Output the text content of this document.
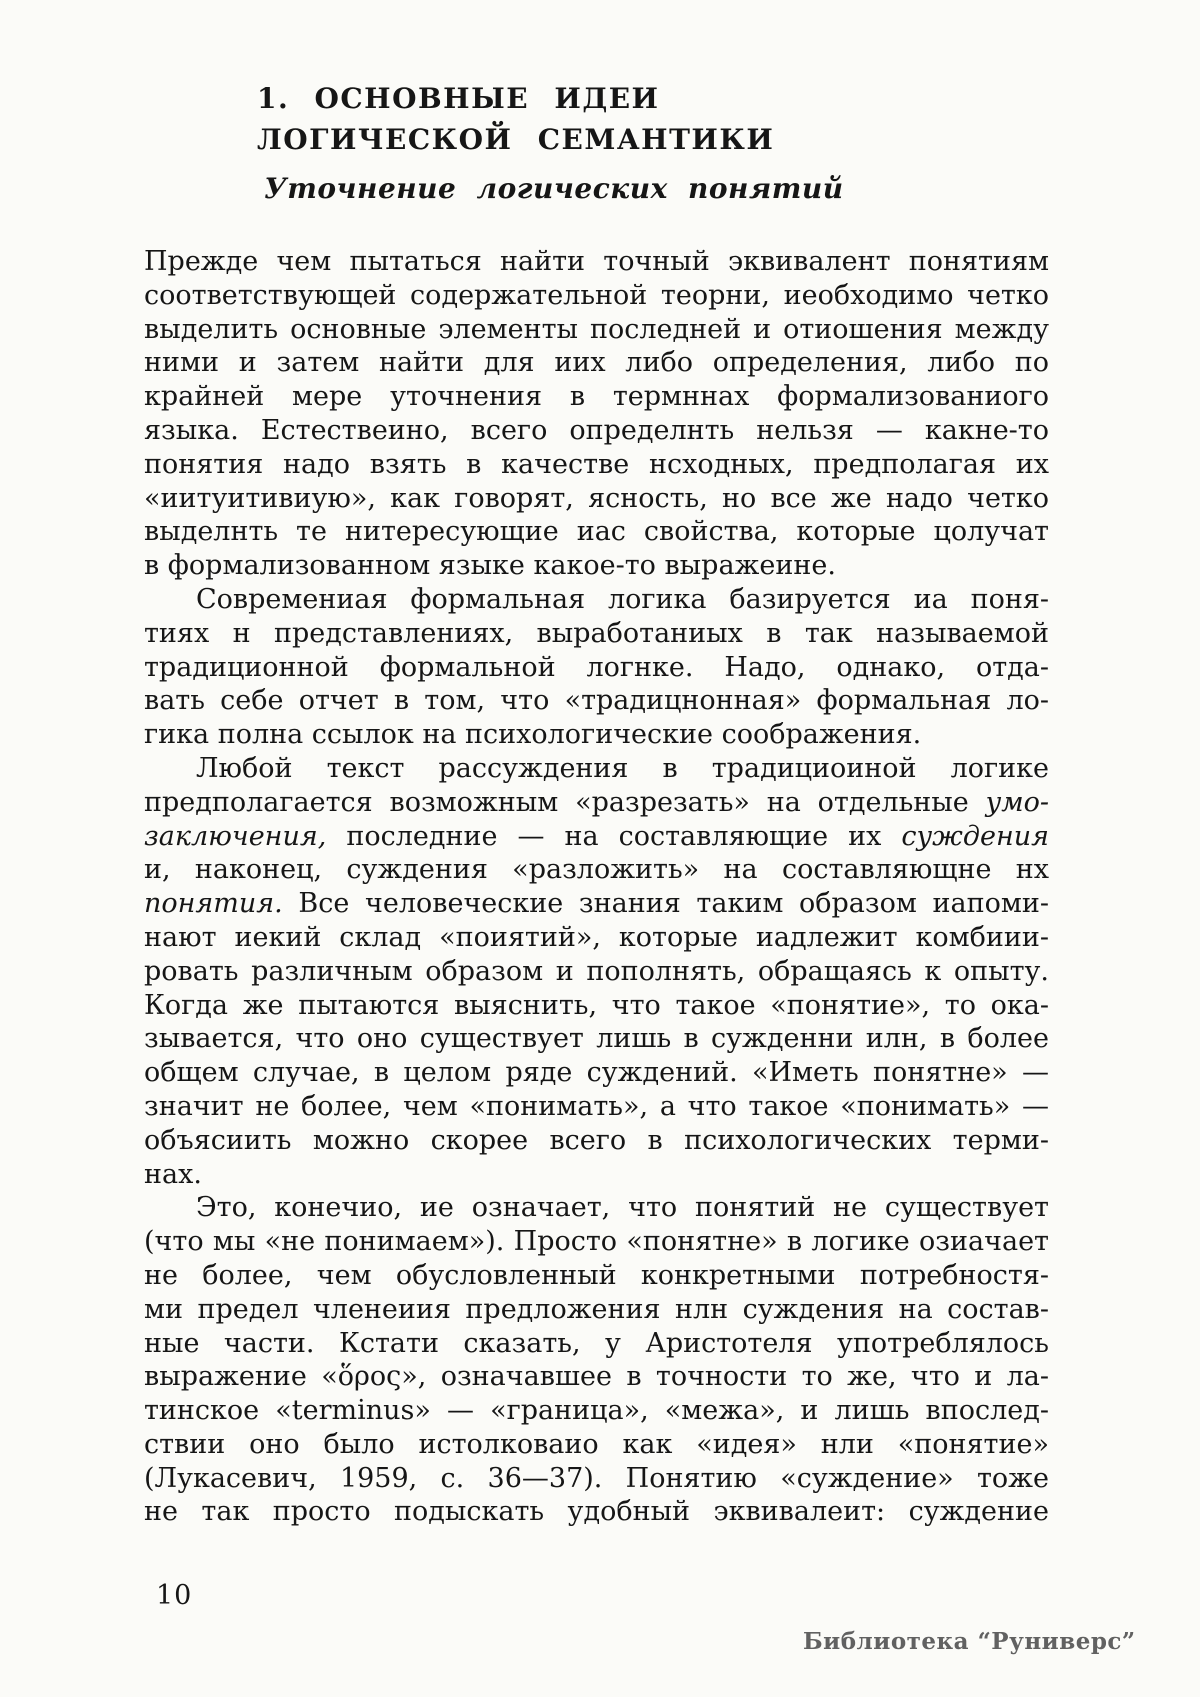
1. ОСНОВНЫЕ ИДЕИ
ЛОГИЧЕСКОЙ СЕМАНТИКИ
Уточнение логических понятий
Прежде чем пытаться найти точный эквивалент понятиям
соответствующей содержательной теорни, иеобходимо четко
выделить основные элементы последней и отиошения между
ними и затем найти для иих либо определения, либо по
крайней мере уточнения в термннах формализованиого
языка. Естествеино, всего определнть нельзя — какне-то
понятия надо взять в качестве нсходных, предполагая их
«иитуитивиую», как говорят, ясность, но все же надо четко
выделнть те нитересующие иас свойства, которые цолучат
в формализованном языке какое-то выражеине.
Современиая формальная логика базируется иа поня-
тиях н представлениях, выработаниых в так называемой
традиционной формальной логнке. Надо, однако, отда-
вать себе отчет в том, что «традицнонная» формальная ло-
гика полна ссылок на психологические соображения.
Любой текст рассуждения в традициоиной логике
предполагается возможным «разрезать» на отдельные умо-
заключения, последние — на составляющие их суждения
и, наконец, суждения «разложить» на составляющне нх
понятия. Все человеческие знания таким образом иапоми-
нают иекий склад «поиятий», которые иадлежит комбиии-
ровать различным образом и пополнять, обращаясь к опыту.
Когда же пытаются выяснить, что такое «понятие», то ока-
зывается, что оно существует лишь в сужденни илн, в более
общем случае, в целом ряде суждений. «Иметь понятне» —
значит не более, чем «понимать», а что такое «понимать» —
объясиить можно скорее всего в психологических терми-
нах.
Это, конечио, ие означает, что понятий не существует
(что мы «не понимаем»). Просто «понятне» в логике озиачает
не более, чем обусловленный конкретными потребностя-
ми предел членеиия предложения нлн суждения на состав-
ные части. Кстати сказать, у Аристотеля употреблялось
выражение «ὅρος», означавшее в точности то же, что и ла-
тинское «terminus» — «граница», «межа», и лишь впослед-
ствии оно было истолковаио как «идея» нли «понятие»
(Лукасевич, 1959, с. 36—37). Понятию «суждение» тоже
не так просто подыскать удобный эквивалеит: суждение
10
Библиотека “Руниверс”
